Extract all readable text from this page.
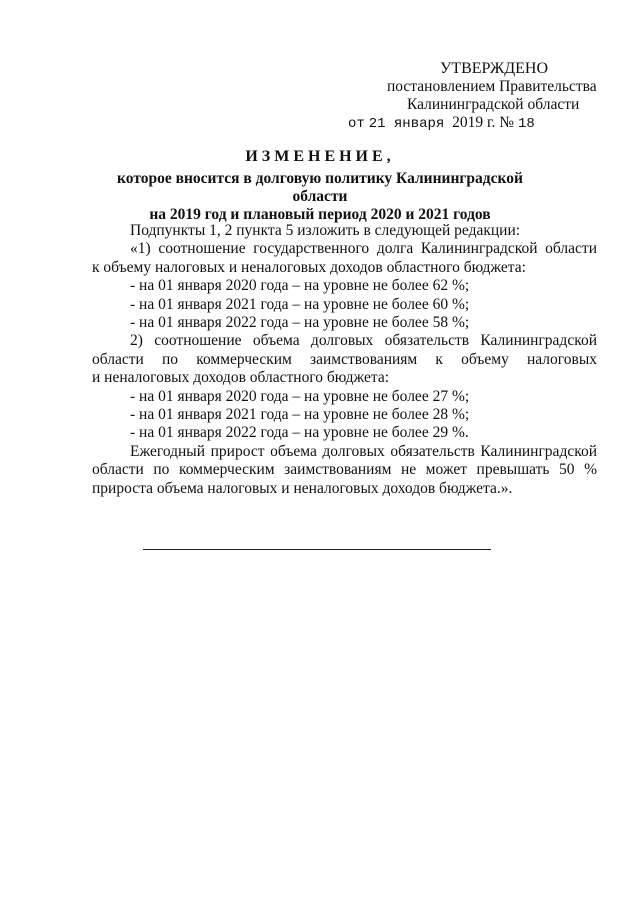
УТВЕРЖДЕНО
постановлением Правительства
Калининградской области
от 21 января 2019 г. № 18
ИЗМЕНЕНИЕ,
которое вносится в долговую политику Калининградской области
на 2019 год и плановый период 2020 и 2021 годов

Подпункты 1, 2 пункта 5 изложить в следующей редакции:

«1) соотношение государственного долга Калининградской области

к объему налоговых и неналоговых доходов областного бюджета:

- на 01 января 2020 года – на уровне не более 62 %;

- на 01 января 2021 года – на уровне не более 60 %;

- на 01 января 2022 года – на уровне не более 58 %;

2) соотношение объема долговых обязательств Калининградской

области по коммерческим заимствованиям к объему налоговых

и неналоговых доходов областного бюджета:

- на 01 января 2020 года – на уровне не более 27 %;

- на 01 января 2021 года – на уровне не более 28 %;

- на 01 января 2022 года – на уровне не более 29 %.

Ежегодный прирост объема долговых обязательств Калининградской

области по коммерческим заимствованиям не может превышать 50 %

прироста объема налоговых и неналоговых доходов бюджета.».
